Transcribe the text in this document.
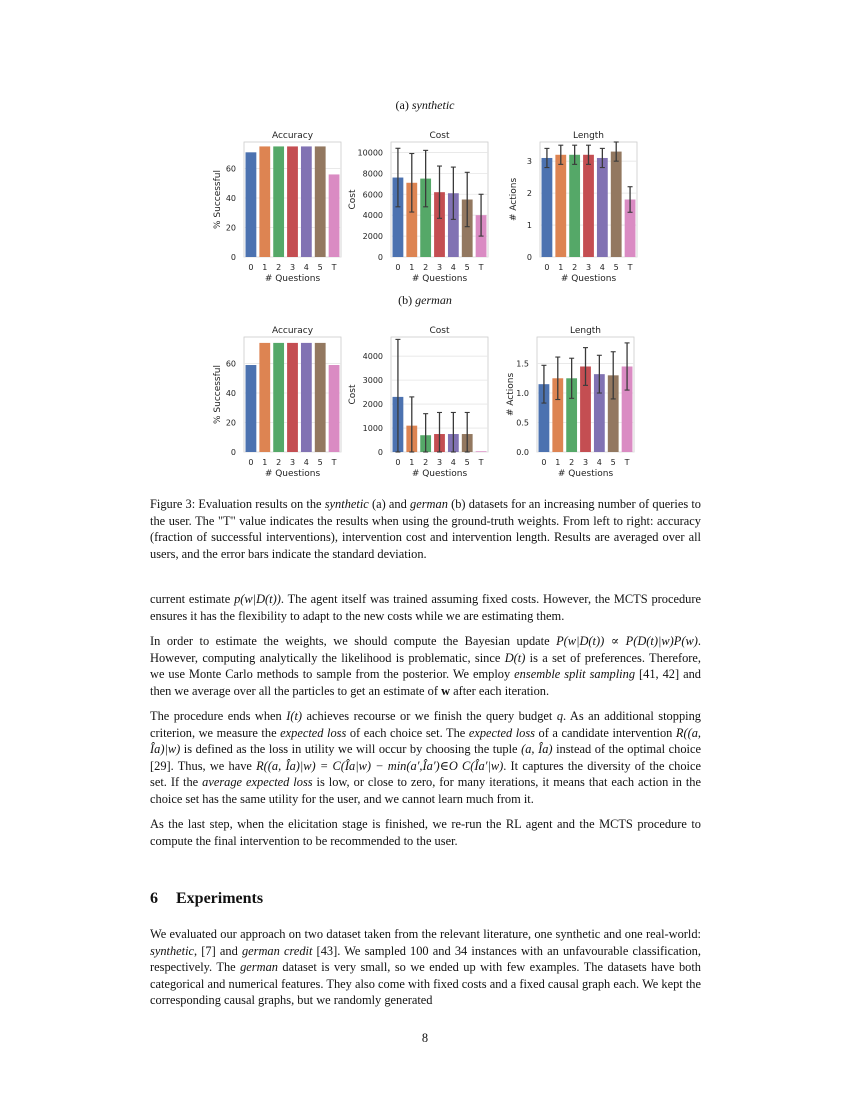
(a) synthetic
0
20
40
60
0 1 2 3 4 5 T
Accuracy
# Questions
% Successful
0
2000
4000
6000
8000
10000
0 1 2 3 4 5 T
Cost
# Questions
Cost
0
1
2
3
0 1 2 3 4 5 T
Length
# Questions
# Actions
(b) german
0
20
40
60
0 1 2 3 4 5 T
Accuracy
# Questions
% Successful
0
1000
2000
3000
4000
0 1 2 3 4 5 T
Cost
# Questions
Cost
0.0
0.5
1.0
1.5
0 1 2 3 4 5 T
Length
# Questions
# Actions
Figure 3: Evaluation results on the synthetic (a) and german (b) datasets for an increasing number of queries to the user. The "T" value indicates the results when using the ground-truth weights. From left to right: accuracy (fraction of successful interventions), intervention cost and intervention length. Results are averaged over all users, and the error bars indicate the standard deviation.

current estimate p(w|D(t)). The agent itself was trained assuming fixed costs. However, the MCTS procedure ensures it has the flexibility to adapt to the new costs while we are estimating them.

In order to estimate the weights, we should compute the Bayesian update P(w|D(t)) ∝ P(D(t)|w)P(w). However, computing analytically the likelihood is problematic, since D(t) is a set of preferences. Therefore, we use Monte Carlo methods to sample from the posterior. We employ ensemble split sampling [41, 42] and then we average over all the particles to get an estimate of w after each iteration.

The procedure ends when I(t) achieves recourse or we finish the query budget q. As an additional stopping criterion, we measure the expected loss of each choice set. The expected loss of a candidate intervention R((a, Îa)|w) is defined as the loss in utility we will occur by choosing the tuple (a, Îa) instead of the optimal choice [29]. Thus, we have R((a, Îa)|w) = C(Îa|w) − min(a′,Îa′)∈O C(Îa′|w). It captures the diversity of the choice set. If the average expected loss is low, or close to zero, for many iterations, it means that each action in the choice set has the same utility for the user, and we cannot learn much from it.

As the last step, when the elicitation stage is finished, we re-run the RL agent and the MCTS procedure to compute the final intervention to be recommended to the user.

6 Experiments

We evaluated our approach on two dataset taken from the relevant literature, one synthetic and one real-world: synthetic, [7] and german credit [43]. We sampled 100 and 34 instances with an unfavourable classification, respectively. The german dataset is very small, so we ended up with few examples. The datasets have both categorical and numerical features. They also come with fixed costs and a fixed causal graph each. We kept the corresponding causal graphs, but we randomly generated

8
